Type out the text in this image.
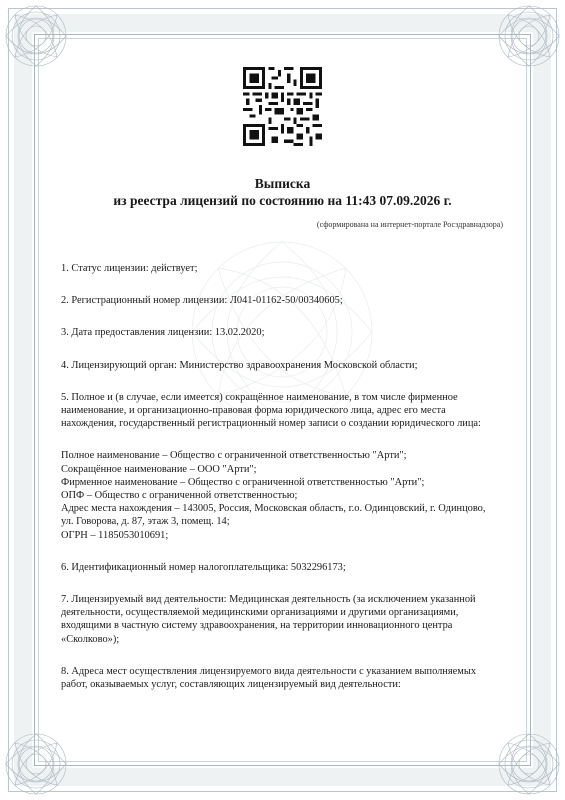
Выписка
из реестра лицензий по состоянию на 11:43 07.09.2026 г.
(сформирована на интернет-портале Росздравнадзора)

1. Статус лицензии: действует;

2. Регистрационный номер лицензии: Л041-01162-50/00340605;

3. Дата предоставления лицензии: 13.02.2020;

4. Лицензирующий орган: Министерство здравоохранения Московской области;

5. Полное и (в случае, если имеется) сокращённое наименование, в том числе фирменное
наименование, и организационно-правовая форма юридического лица, адрес его места
нахождения, государственный регистрационный номер записи о создании юридического лица:

Полное наименование – Общество с ограниченной ответственностью "Арти";
Сокращённое наименование – ООО "Арти";
Фирменное наименование – Общество с ограниченной ответственностью "Арти";
ОПФ – Общество с ограниченной ответственностью;
Адрес места нахождения – 143005, Россия, Московская область, г.о. Одинцовский, г. Одинцово,
ул. Говорова, д. 87, этаж 3, помещ. 14;
ОГРН – 1185053010691;

6. Идентификационный номер налогоплательщика: 5032296173;

7. Лицензируемый вид деятельности: Медицинская деятельность (за исключением указанной
деятельности, осуществляемой медицинскими организациями и другими организациями,
входящими в частную систему здравоохранения, на территории инновационного центра
«Сколково»);

8. Адреса мест осуществления лицензируемого вида деятельности с указанием выполняемых
работ, оказываемых услуг, составляющих лицензируемый вид деятельности:
